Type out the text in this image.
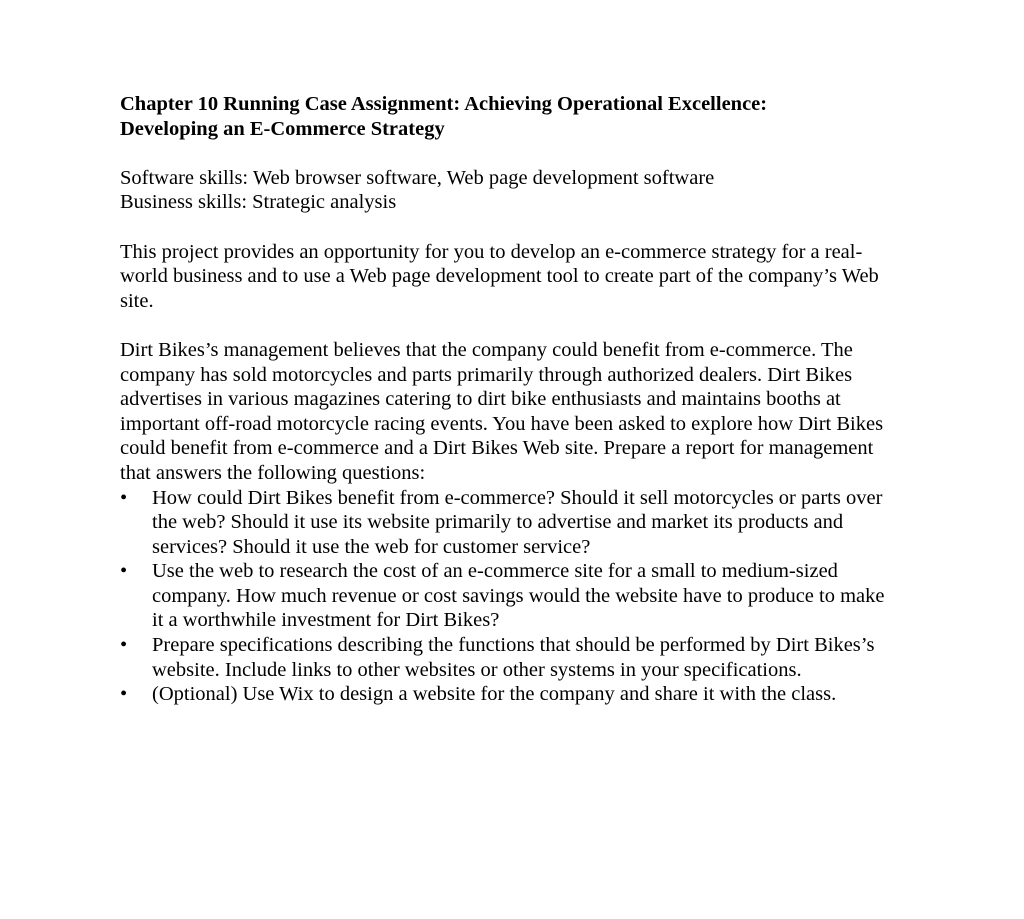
Chapter 10 Running Case Assignment: Achieving Operational Excellence:
Developing an E-Commerce Strategy
Software skills: Web browser software, Web page development software
Business skills: Strategic analysis

This project provides an opportunity for you to develop an e-commerce strategy for a real-world business and to use a Web page development tool to create part of the company’s Web site.

Dirt Bikes’s management believes that the company could benefit from e-commerce. The company has sold motorcycles and parts primarily through authorized dealers. Dirt Bikes advertises in various magazines catering to dirt bike enthusiasts and maintains booths at important off-road motorcycle racing events. You have been asked to explore how Dirt Bikes could benefit from e-commerce and a Dirt Bikes Web site. Prepare a report for management that answers the following questions:
•	How could Dirt Bikes benefit from e-commerce? Should it sell motorcycles or parts over the web? Should it use its website primarily to advertise and market its products and services? Should it use the web for customer service?
•	Use the web to research the cost of an e-commerce site for a small to medium-sized company. How much revenue or cost savings would the website have to produce to make it a worthwhile investment for Dirt Bikes?
•	Prepare specifications describing the functions that should be performed by Dirt Bikes’s website. Include links to other websites or other systems in your specifications.
•	(Optional) Use Wix to design a website for the company and share it with the class.
